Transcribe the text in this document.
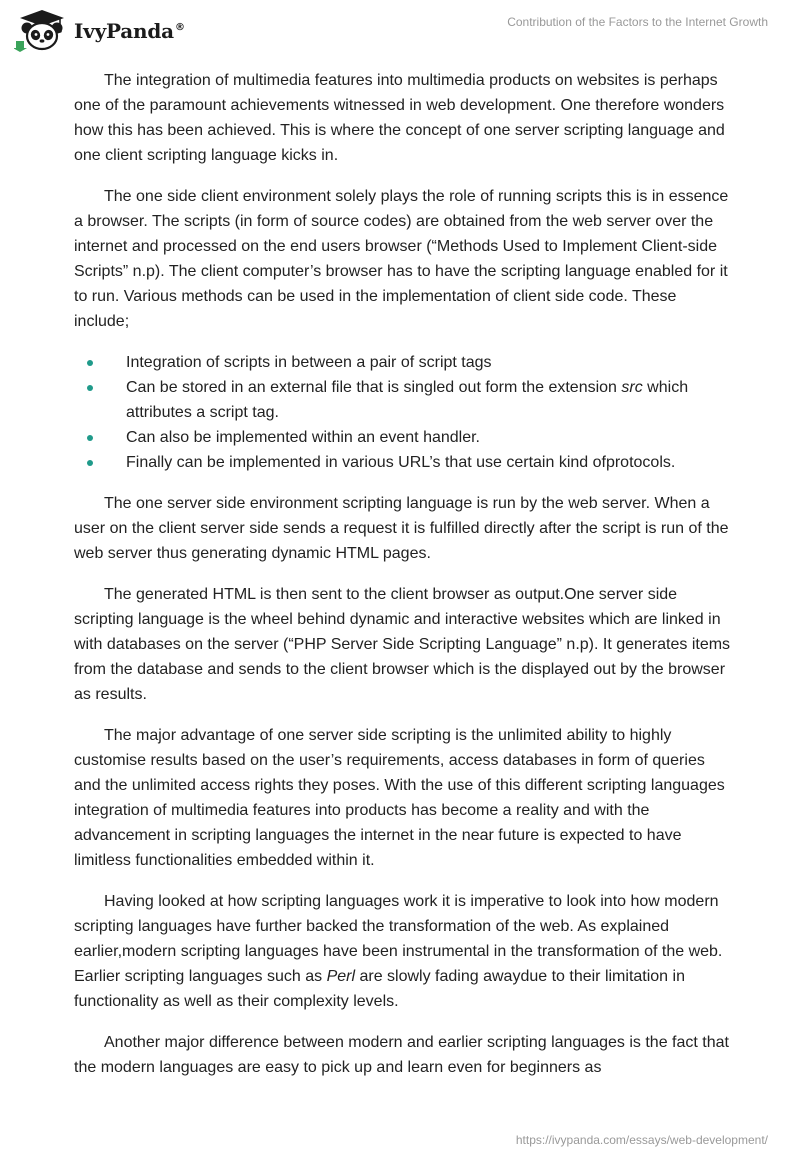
IvyPanda®	Contribution of the Factors to the Internet Growth

The integration of multimedia features into multimedia products on websites is perhaps one of the paramount achievements witnessed in web development. One therefore wonders how this has been achieved. This is where the concept of one server scripting language and one client scripting language kicks in.

The one side client environment solely plays the role of running scripts this is in essence a browser. The scripts (in form of source codes) are obtained from the web server over the internet and processed on the end users browser (“Methods Used to Implement Client-side Scripts” n.p). The client computer’s browser has to have the scripting language enabled for it to run. Various methods can be used in the implementation of client side code. These include;

Integration of scripts in between a pair of script tags
Can be stored in an external file that is singled out form the extension src which attributes a script tag.
Can also be implemented within an event handler.
Finally can be implemented in various URL’s that use certain kind ofprotocols.

The one server side environment scripting language is run by the web server. When a user on the client server side sends a request it is fulfilled directly after the script is run of the web server thus generating dynamic HTML pages.

The generated HTML is then sent to the client browser as output.One server side scripting language is the wheel behind dynamic and interactive websites which are linked in with databases on the server (“PHP Server Side Scripting Language” n.p). It generates items from the database and sends to the client browser which is the displayed out by the browser as results.

The major advantage of one server side scripting is the unlimited ability to highly customise results based on the user’s requirements, access databases in form of queries and the unlimited access rights they poses. With the use of this different scripting languages integration of multimedia features into products has become a reality and with the advancement in scripting languages the internet in the near future is expected to have limitless functionalities embedded within it.

Having looked at how scripting languages work it is imperative to look into how modern scripting languages have further backed the transformation of the web. As explained earlier,modern scripting languages have been instrumental in the transformation of the web. Earlier scripting languages such as Perl are slowly fading awaydue to their limitation in functionality as well as their complexity levels.

Another major difference between modern and earlier scripting languages is the fact that the modern languages are easy to pick up and learn even for beginners as

https://ivypanda.com/essays/web-development/
